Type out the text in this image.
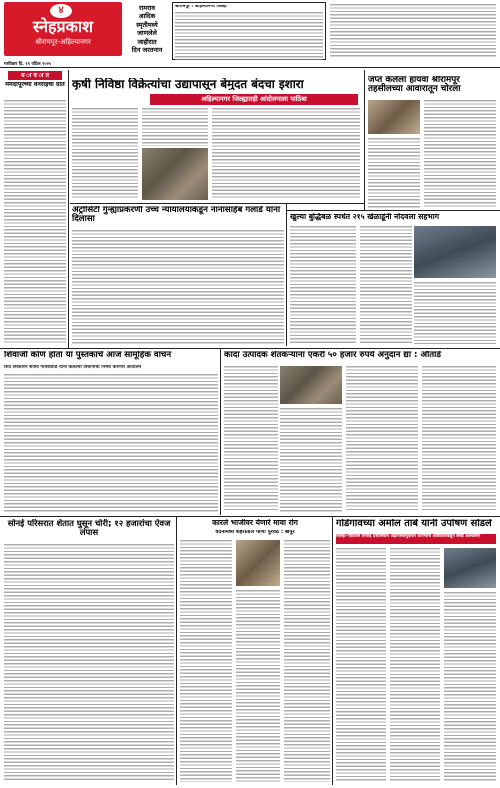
४
स्नेहप्रकाश
श्रीरामपूर-अहिल्यानगर
रामराव
आदिक
स्मृतीमध्ये
जाणलेले
जाहीरात
दिन जरतनान
श्रीरामपूर : अहिल्यानगर जिल्हा
गरविवार दि. ११ एप्रिल २०२५
ध ा व ा त
ममदापूरच्या वनराईचा ग्रात कृषी निविष्ठा विक्रेत्यांचा उद्यापासून बेमुदत बंदचा इशारा
अहिल्यानगर जिल्ह्यातही आंदोलनाला पाठिंबा
जप्त केलेला हायवा श्रीरामपूर तहसीलच्या आवारातून चोरला
ॲट्रोसिटी गुन्ह्याप्रकरणी उच्च न्यायालयाकडून नानासाहेब गलांडे यांना दिलासा	खुल्या बुद्धिबळ स्पर्धेत २१५ खेळाडूंनी नोंदवला सहभाग
शिवाजी कोण होता या पुस्तकाचे आज सामूहिक वाचन
शिंदे सरकारने संजय गायकवाड यांनी केलेल्या विधानाचा निषेध करणार आंदोलन
कांदा उत्पादक शेतकऱ्यांना एकरी ५० हजार रुपये अनुदान द्या : औताडे
सोनई परिसरात शेतात घुसून चोरी; १२ हजारांचा ऐवज लंपास
कारले भाजीवर येणारे मावा रोग
वेदनांमध्ये शहरातील पाणी पुरवठे : बापुर
गोंडेगावच्या अमोल तांबे यांनी उपोषण सोडले
जिल्हा-गोदिरास तरपाई प्रशासिकन अंद्रापसवणुकरार करण्याचे अधिकाराकडून लेखी आश्वासन
